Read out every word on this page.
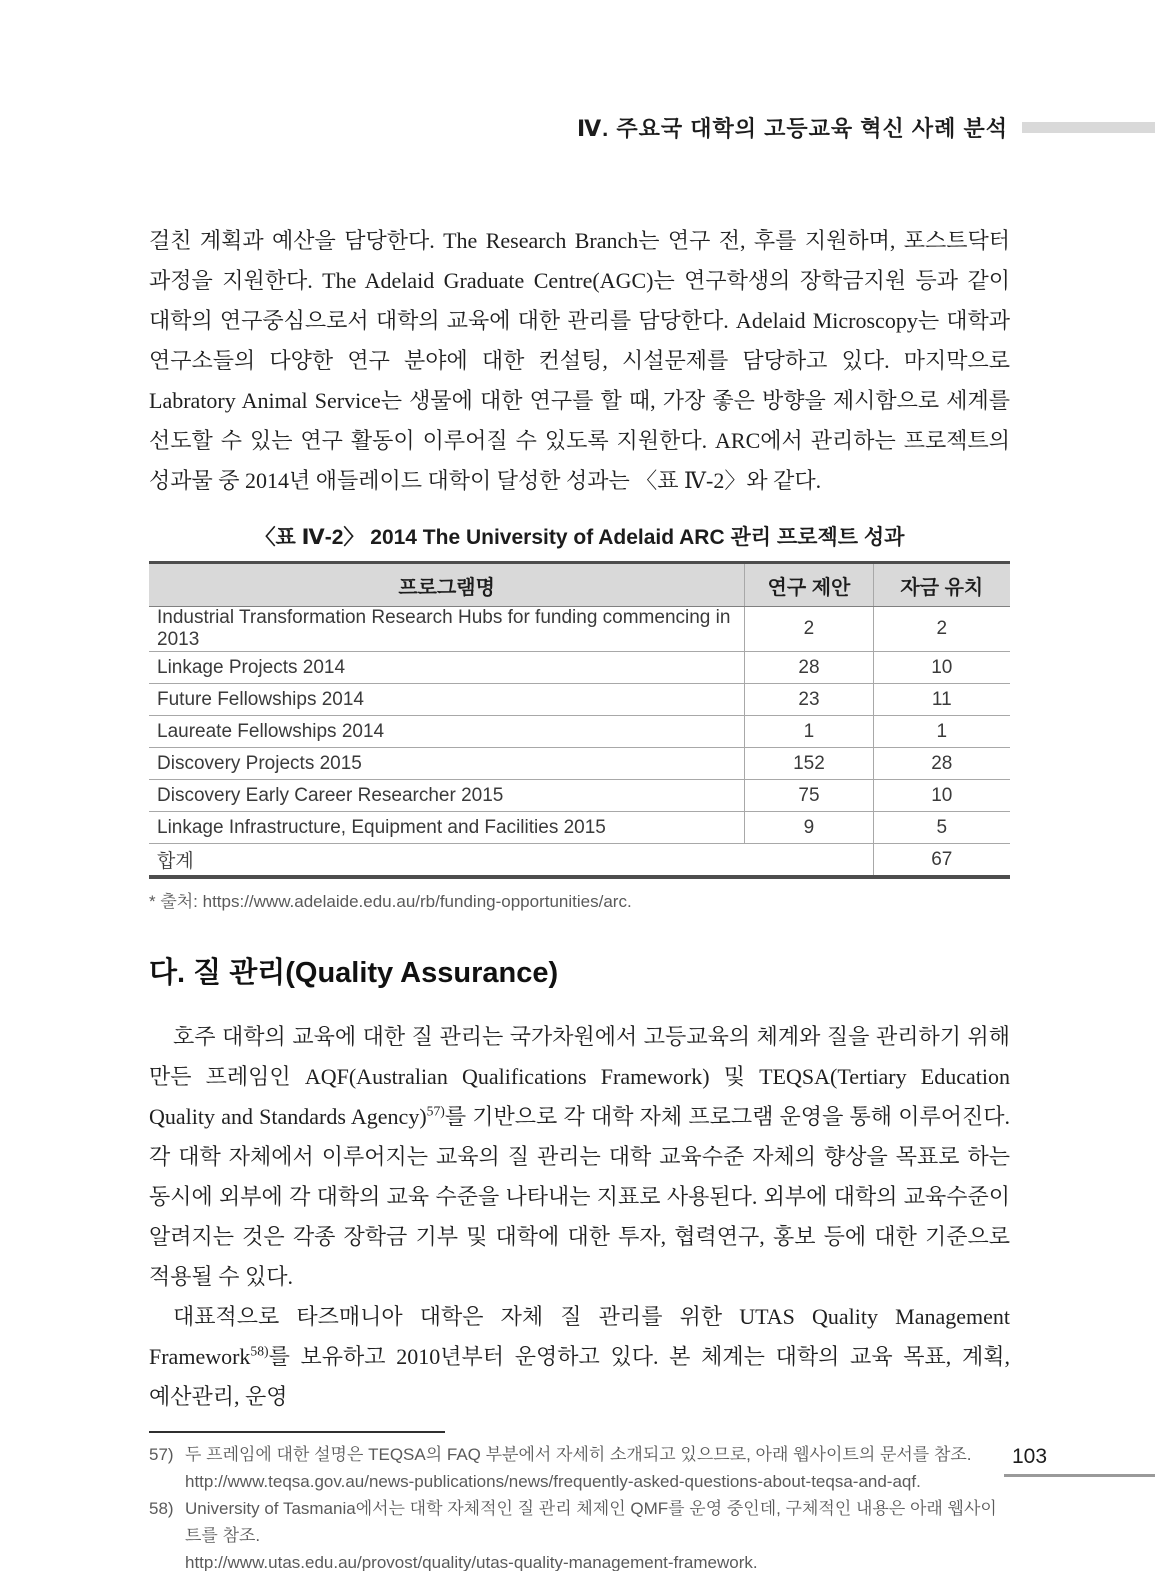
Ⅳ. 주요국 대학의 고등교육 혁신 사례 분석

걸친 계획과 예산을 담당한다. The Research Branch는 연구 전, 후를 지원하며, 포스트닥터 과정을 지원한다. The Adelaid Graduate Centre(AGC)는 연구학생의 장학금지원 등과 같이 대학의 연구중심으로서 대학의 교육에 대한 관리를 담당한다. Adelaid Microscopy는 대학과 연구소들의 다양한 연구 분야에 대한 컨설팅, 시설문제를 담당하고 있다. 마지막으로 Labratory Animal Service는 생물에 대한 연구를 할 때, 가장 좋은 방향을 제시함으로 세계를 선도할 수 있는 연구 활동이 이루어질 수 있도록 지원한다. ARC에서 관리하는 프로젝트의 성과물 중 2014년 애들레이드 대학이 달성한 성과는 〈표 Ⅳ-2〉와 같다.

〈표 Ⅳ-2〉 2014 The University of Adelaid ARC 관리 프로젝트 성과
프로그램명	연구 제안	자금 유치
Industrial Transformation Research Hubs for funding commencing in 2013	2	2
Linkage Projects 2014	28	10
Future Fellowships 2014	23	11
Laureate Fellowships 2014	1	1
Discovery Projects 2015	152	28
Discovery Early Career Researcher 2015	75	10
Linkage Infrastructure, Equipment and Facilities 2015	9	5
합계		67
* 출처: https://www.adelaide.edu.au/rb/funding-opportunities/arc.
다. 질 관리(Quality Assurance)

호주 대학의 교육에 대한 질 관리는 국가차원에서 고등교육의 체계와 질을 관리하기 위해 만든 프레임인 AQF(Australian Qualifications Framework) 및 TEQSA(Tertiary Education Quality and Standards Agency)$^{57)}$를 기반으로 각 대학 자체 프로그램 운영을 통해 이루어진다. 각 대학 자체에서 이루어지는 교육의 질 관리는 대학 교육수준 자체의 향상을 목표로 하는 동시에 외부에 각 대학의 교육 수준을 나타내는 지표로 사용된다. 외부에 대학의 교육수준이 알려지는 것은 각종 장학금 기부 및 대학에 대한 투자, 협력연구, 홍보 등에 대한 기준으로 적용될 수 있다.

대표적으로 타즈매니아 대학은 자체 질 관리를 위한 UTAS Quality Management Framework$^{58)}$를 보유하고 2010년부터 운영하고 있다. 본 체계는 대학의 교육 목표, 계획, 예산관리, 운영

57) 두 프레임에 대한 설명은 TEQSA의 FAQ 부분에서 자세히 소개되고 있으므로, 아래 웹사이트의 문서를 참조.
http://www.teqsa.gov.au/news-publications/news/frequently-asked-questions-about-teqsa-and-aqf.
58) University of Tasmania에서는 대학 자체적인 질 관리 체제인 QMF를 운영 중인데, 구체적인 내용은 아래 웹사이트를 참조.
http://www.utas.edu.au/provost/quality/utas-quality-management-framework.
103
